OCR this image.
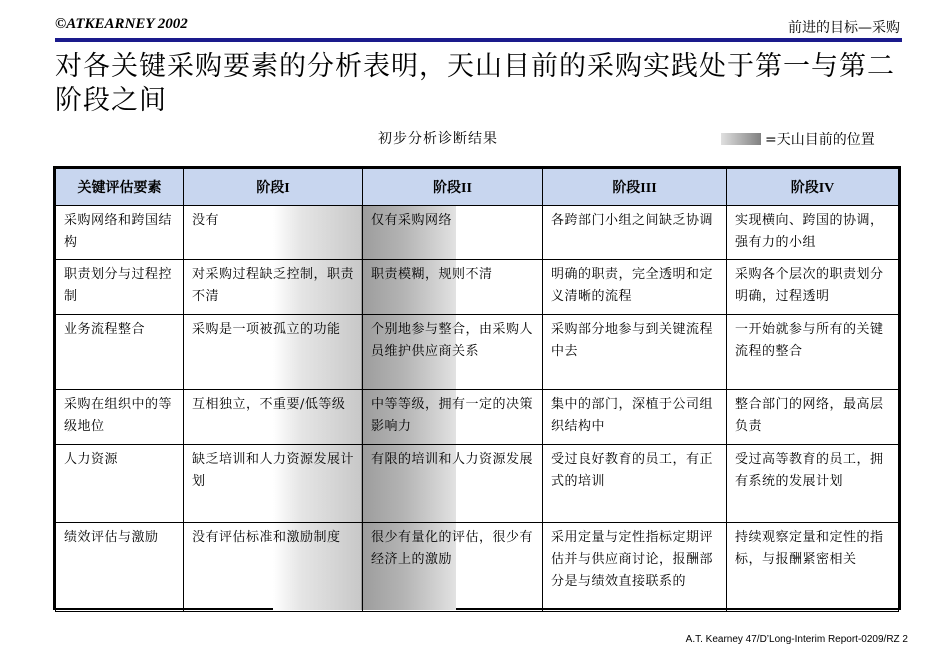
©ATKEARNEY 2002	前进的目标—采购
对各关键采购要素的分析表明，天山目前的采购实践处于第一与第二阶段之间
初步分析诊断结果	=天山目前的位置
关键评估要素	阶段I	阶段II	阶段III	阶段IV
采购网络和跨国结构	没有	仅有采购网络	各跨部门小组之间缺乏协调	实现横向、跨国的协调，强有力的小组
职责划分与过程控制	对采购过程缺乏控制，职责不清	职责模糊，规则不清	明确的职责，完全透明和定义清晰的流程	采购各个层次的职责划分明确，过程透明
业务流程整合	采购是一项被孤立的功能	个别地参与整合，由采购人员维护供应商关系	采购部分地参与到关键流程中去	一开始就参与所有的关键流程的整合
采购在组织中的等级地位	互相独立，不重要/低等级	中等等级，拥有一定的决策影响力	集中的部门，深植于公司组织结构中	整合部门的网络，最高层负责
人力资源	缺乏培训和人力资源发展计划	有限的培训和人力资源发展	受过良好教育的员工，有正式的培训	受过高等教育的员工，拥有系统的发展计划
绩效评估与激励	没有评估标准和激励制度	很少有量化的评估，很少有经济上的激励	采用定量与定性指标定期评估并与供应商讨论，报酬部分是与绩效直接联系的	持续观察定量和定性的指标，与报酬紧密相关
A.T. Kearney 47/D’Long-Interim Report-0209/RZ 2
